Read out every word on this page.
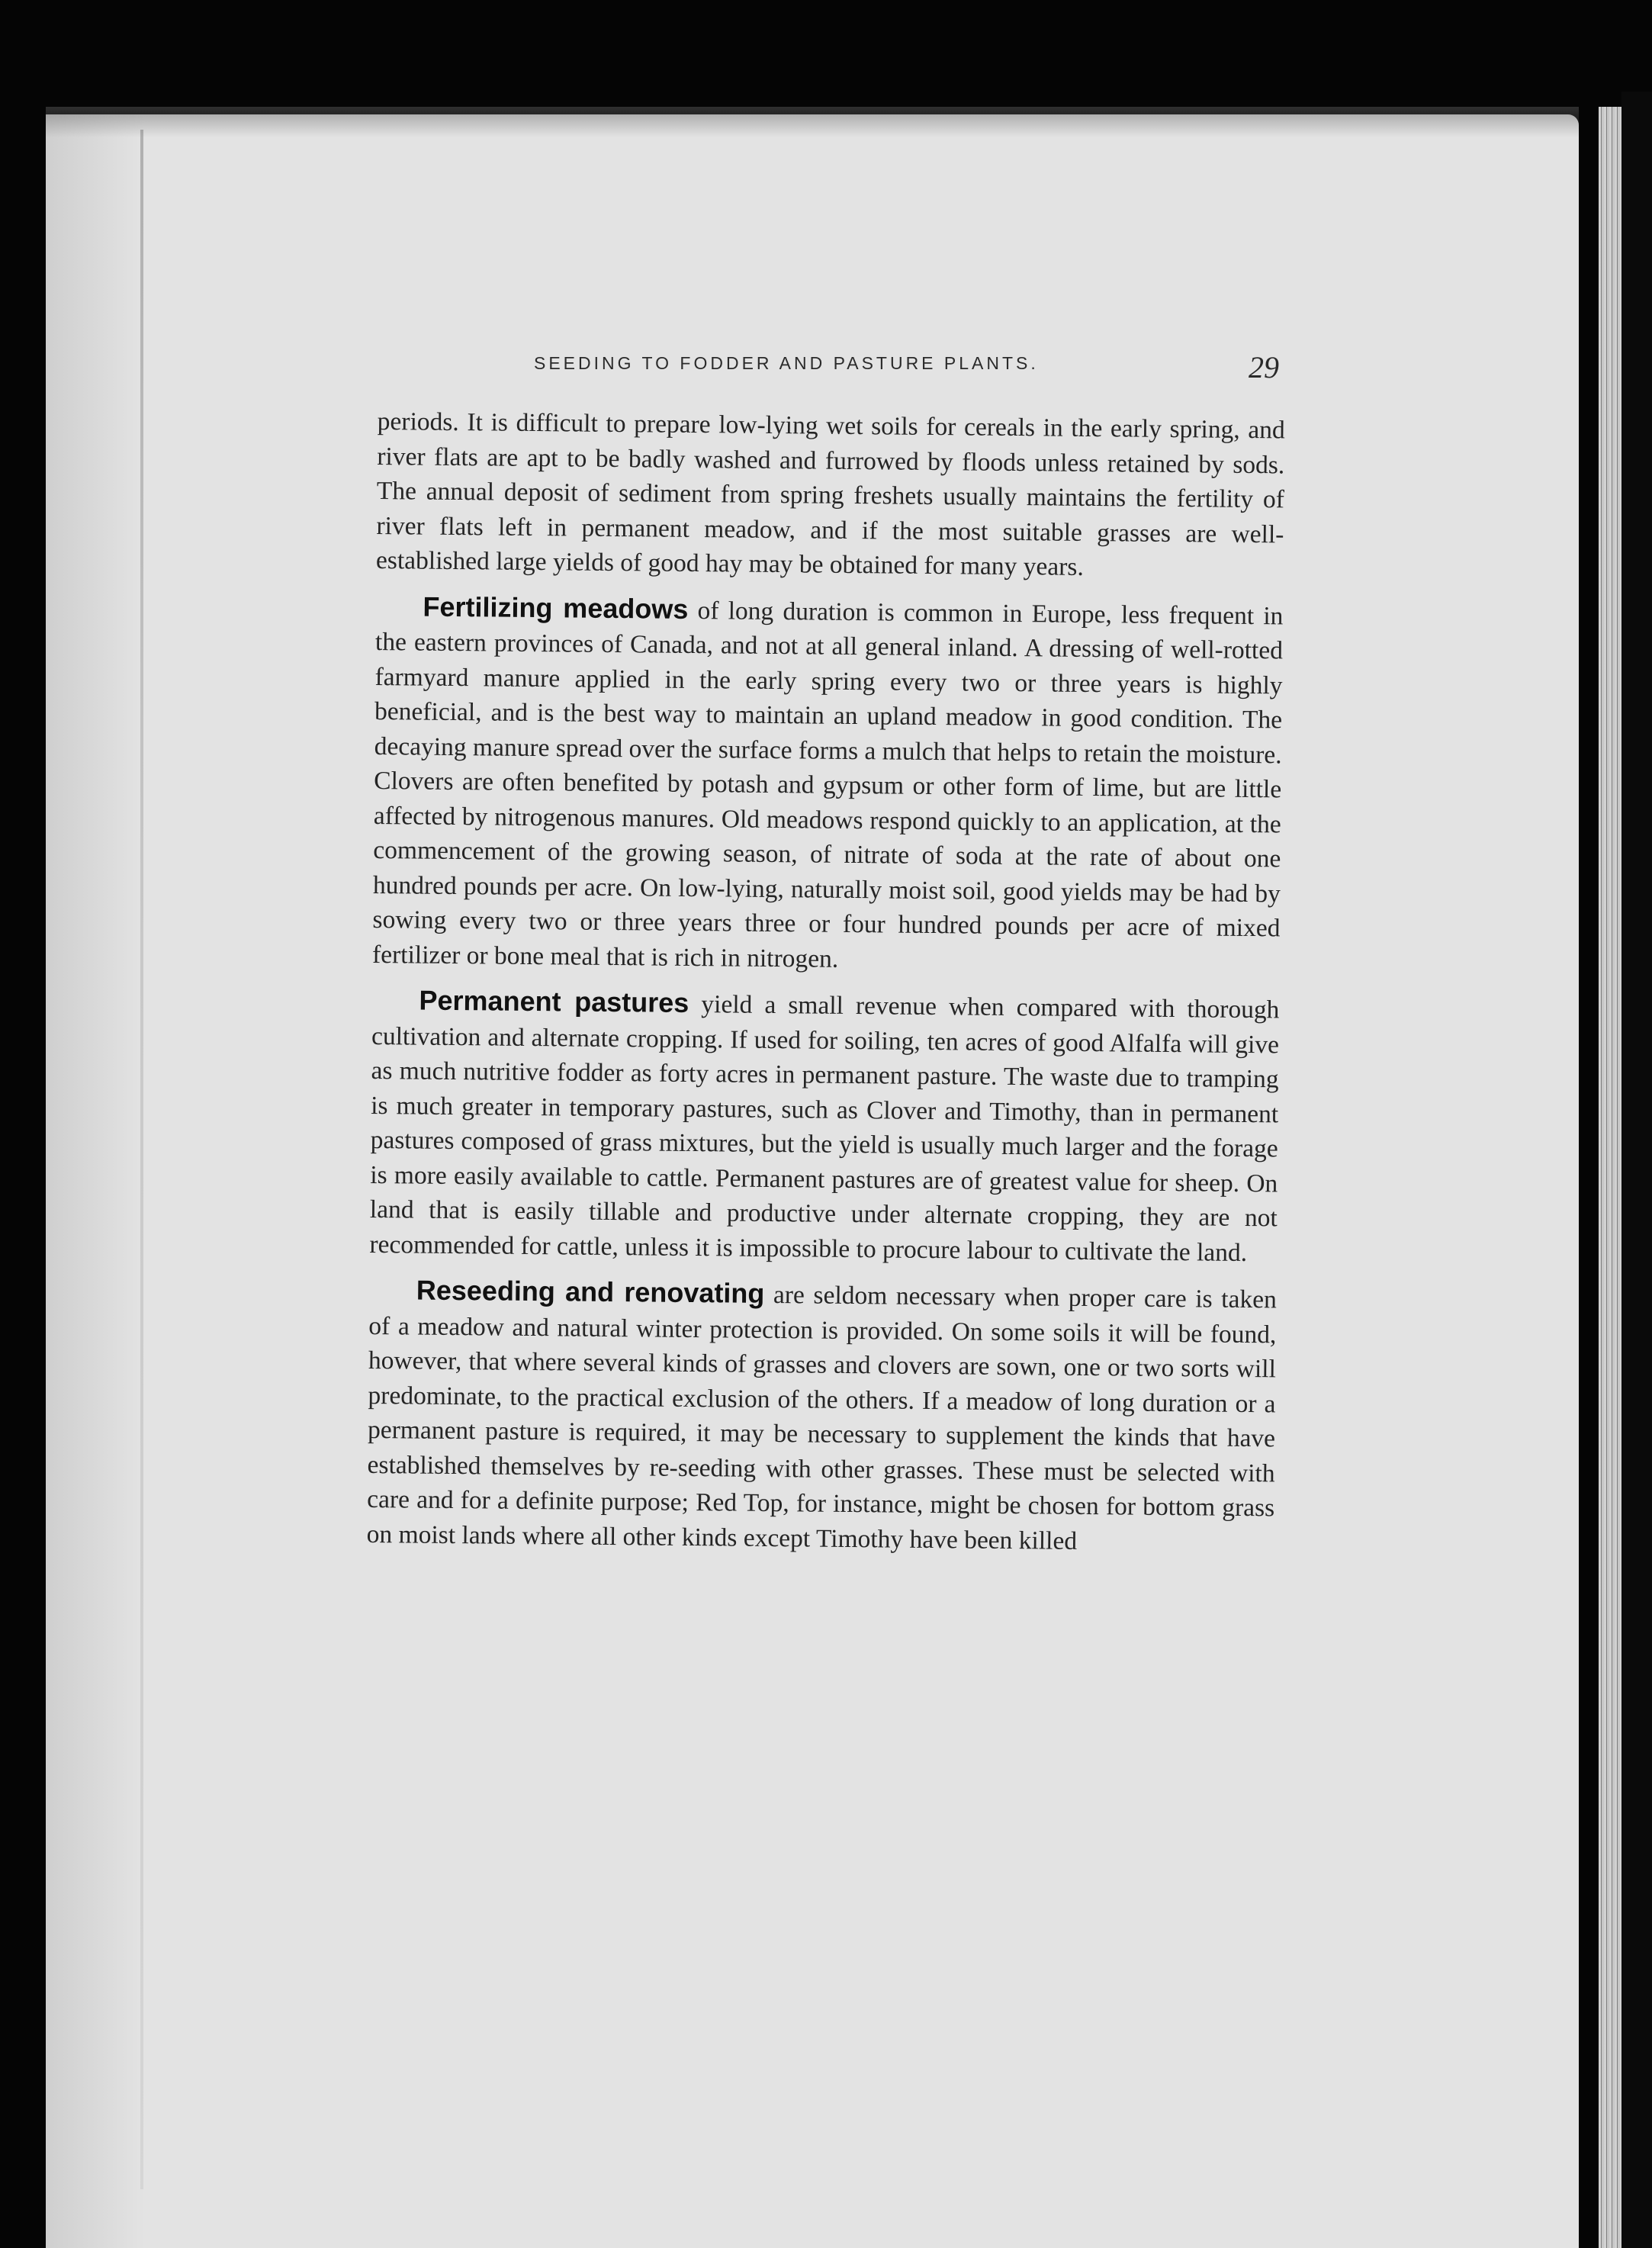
SEEDING TO FODDER AND PASTURE PLANTS.	29

periods. It is difficult to prepare low-lying wet soils for cereals in the early spring, and river flats are apt to be badly washed and furrowed by floods unless retained by sods. The annual deposit of sediment from spring freshets usually maintains the fertility of river flats left in permanent meadow, and if the most suitable grasses are well-established large yields of good hay may be obtained for many years.

Fertilizing meadows of long duration is common in Europe, less frequent in the eastern provinces of Canada, and not at all general inland. A dressing of well-rotted farmyard manure applied in the early spring every two or three years is highly beneficial, and is the best way to maintain an upland meadow in good condition. The decaying manure spread over the surface forms a mulch that helps to retain the moisture. Clovers are often benefited by potash and gypsum or other form of lime, but are little affected by nitrogenous manures. Old meadows respond quickly to an application, at the commencement of the growing season, of nitrate of soda at the rate of about one hundred pounds per acre. On low-lying, naturally moist soil, good yields may be had by sowing every two or three years three or four hundred pounds per acre of mixed fertilizer or bone meal that is rich in nitrogen.

Permanent pastures yield a small revenue when compared with thorough cultivation and alternate cropping. If used for soiling, ten acres of good Alfalfa will give as much nutritive fodder as forty acres in permanent pasture. The waste due to tramping is much greater in temporary pastures, such as Clover and Timothy, than in permanent pastures composed of grass mixtures, but the yield is usually much larger and the forage is more easily available to cattle. Permanent pastures are of greatest value for sheep. On land that is easily tillable and productive under alternate cropping, they are not recommended for cattle, unless it is impossible to procure labour to cultivate the land.

Reseeding and renovating are seldom necessary when proper care is taken of a meadow and natural winter protection is provided. On some soils it will be found, however, that where several kinds of grasses and clovers are sown, one or two sorts will predominate, to the practical exclusion of the others. If a meadow of long duration or a permanent pasture is required, it may be necessary to supplement the kinds that have established themselves by re-seeding with other grasses. These must be selected with care and for a definite purpose; Red Top, for instance, might be chosen for bottom grass on moist lands where all other kinds except Timothy have been killed
